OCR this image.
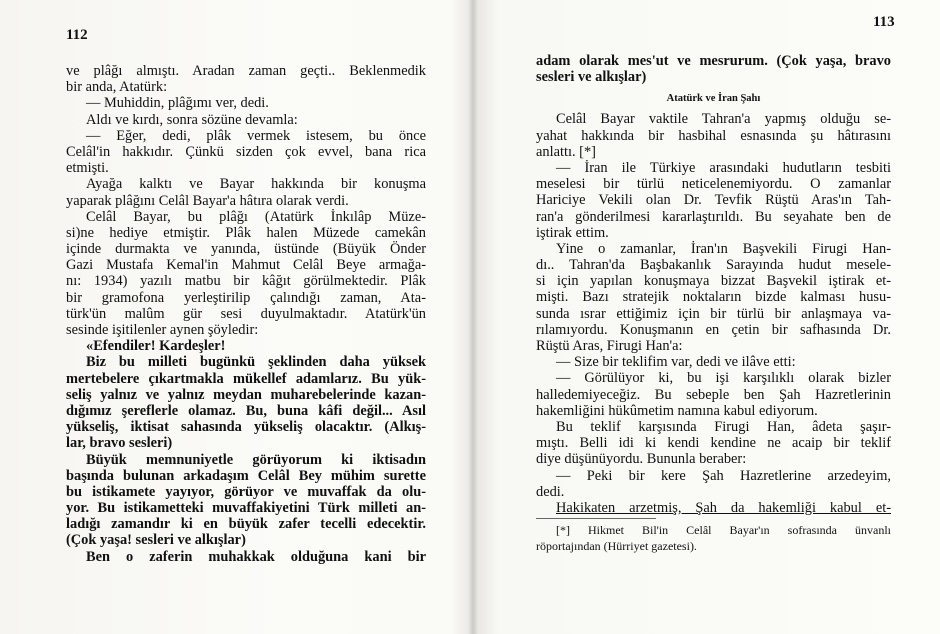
112
ve plâğı almıştı. Aradan zaman geçti.. Beklenmedik
bir anda, Atatürk:
— Muhiddin, plâğımı ver, dedi.
Aldı ve kırdı, sonra sözüne devamla:
— Eğer, dedi, plâk vermek istesem, bu önce
Celâl'in hakkıdır. Çünkü sizden çok evvel, bana rica
etmişti.
Ayağa kalktı ve Bayar hakkında bir konuşma
yaparak plâğını Celâl Bayar'a hâtıra olarak verdi.
Celâl Bayar, bu plâğı (Atatürk İnkılâp Müze-
si)ne hediye etmiştir. Plâk halen Müzede camekân
içinde durmakta ve yanında, üstünde (Büyük Önder
Gazi Mustafa Kemal'in Mahmut Celâl Beye armağa-
nı: 1934) yazılı matbu bir kâğıt görülmektedir. Plâk
bir gramofona yerleştirilip çalındığı zaman, Ata-
türk'ün malûm gür sesi duyulmaktadır. Atatürk'ün
sesinde işitilenler aynen şöyledir:
«Efendiler! Kardeşler!
Biz bu milleti bugünkü şeklinden daha yüksek
mertebelere çıkartmakla mükellef adamlarız. Bu yük-
seliş yalnız ve yalnız meydan muharebelerinde kazan-
dığımız şereflerle olamaz. Bu, buna kâfi değil... Asıl
yükseliş, iktisat sahasında yükseliş olacaktır. (Alkış-
lar, bravo sesleri)
Büyük memnuniyetle görüyorum ki iktisadın
başında bulunan arkadaşım Celâl Bey mühim surette
bu istikamete yayıyor, görüyor ve muvaffak da olu-
yor. Bu istikametteki muvaffakiyetini Türk milleti an-
ladığı zamandır ki en büyük zafer tecelli edecektir.
(Çok yaşa! sesleri ve alkışlar)
Ben o zaferin muhakkak olduğuna kani bir
113
adam olarak mes'ut ve mesrurum. (Çok yaşa, bravo
sesleri ve alkışlar)
Atatürk ve İran Şahı
Celâl Bayar vaktile Tahran'a yapmış olduğu se-
yahat hakkında bir hasbihal esnasında şu hâtırasını
anlattı. [*]
— İran ile Türkiye arasındaki hudutların tesbiti
meselesi bir türlü neticelenemiyordu. O zamanlar
Hariciye Vekili olan Dr. Tevfik Rüştü Aras'ın Tah-
ran'a gönderilmesi kararlaştırıldı. Bu seyahate ben de
iştirak ettim.
Yine o zamanlar, İran'ın Başvekili Firugi Han-
dı.. Tahran'da Başbakanlık Sarayında hudut mesele-
si için yapılan konuşmaya bizzat Başvekil iştirak et-
mişti. Bazı stratejik noktaların bizde kalması husu-
sunda ısrar ettiğimiz için bir türlü bir anlaşmaya va-
rılamıyordu. Konuşmanın en çetin bir safhasında Dr.
Rüştü Aras, Firugi Han'a:
— Size bir teklifim var, dedi ve ilâve etti:
— Görülüyor ki, bu işi karşılıklı olarak bizler
halledemiyeceğiz. Bu sebeple ben Şah Hazretlerinin
hakemliğini hükûmetim namına kabul ediyorum.
Bu teklif karşısında Firugi Han, âdeta şaşır-
mıştı. Belli idi ki kendi kendine ne acaip bir teklif
diye düşünüyordu. Bununla beraber:
— Peki bir kere Şah Hazretlerine arzedeyim,
dedi.
Hakikaten arzetmiş, Şah da hakemliği kabul et-
[*] Hikmet Bil'in Celâl Bayar'ın sofrasında ünvanlı
röportajından (Hürriyet gazetesi).
